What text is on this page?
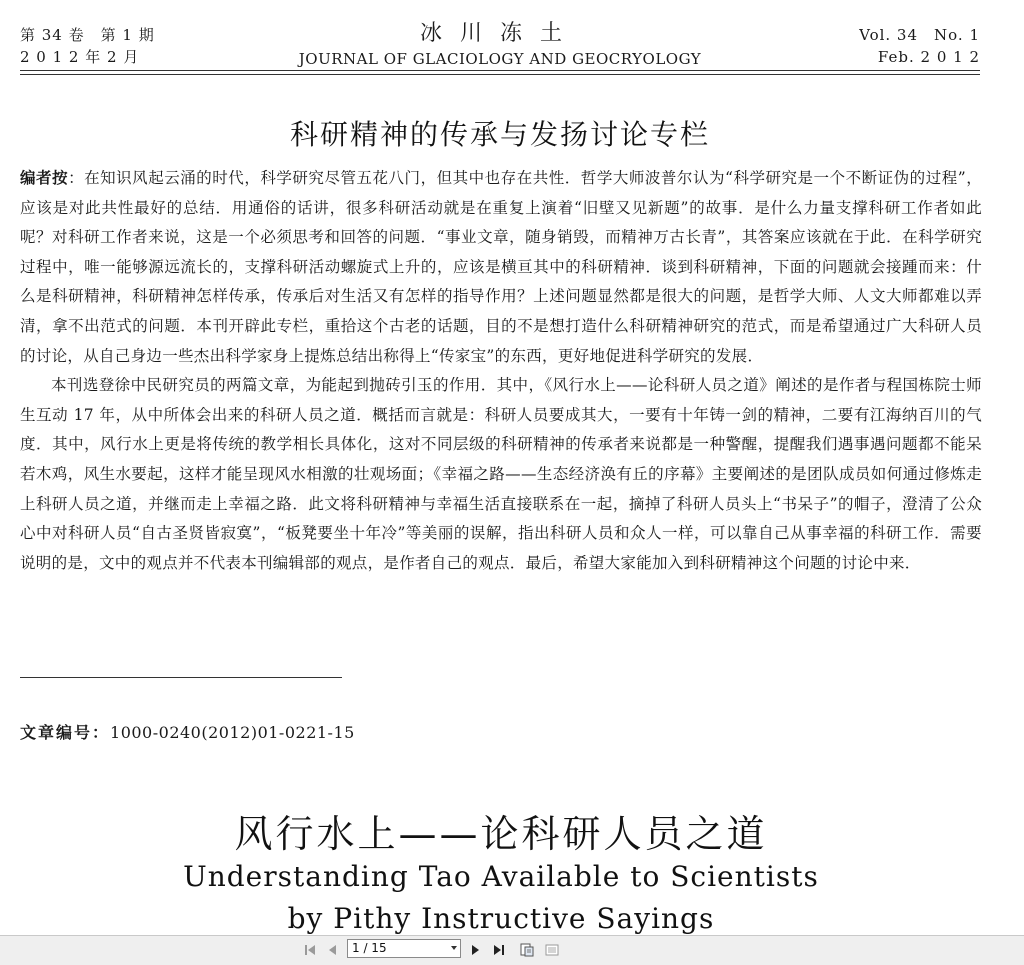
第 34 卷　第 1 期
2 0 1 2 年 2 月
冰川冻土
JOURNAL OF GLACIOLOGY AND GEOCRYOLOGY
Vol. 34　No. 1
Feb. 2 0 1 2
科研精神的传承与发扬讨论专栏

编者按：在知识风起云涌的时代，科学研究尽管五花八门，但其中也存在共性．哲学大师波普尔认为“科学研究是一个不断证伪的过程”，应该是对此共性最好的总结．用通俗的话讲，很多科研活动就是在重复上演着“旧壁又见新题”的故事．是什么力量支撑科研工作者如此呢？对科研工作者来说，这是一个必须思考和回答的问题．“事业文章，随身销毁，而精神万古长青”，其答案应该就在于此．在科学研究过程中，唯一能够源远流长的，支撑科研活动螺旋式上升的，应该是横亘其中的科研精神．谈到科研精神，下面的问题就会接踵而来：什么是科研精神，科研精神怎样传承，传承后对生活又有怎样的指导作用？上述问题显然都是很大的问题，是哲学大师、人文大师都难以弄清，拿不出范式的问题．本刊开辟此专栏，重拾这个古老的话题，目的不是想打造什么科研精神研究的范式，而是希望通过广大科研人员的讨论，从自己身边一些杰出科学家身上提炼总结出称得上“传家宝”的东西，更好地促进科学研究的发展．

本刊选登徐中民研究员的两篇文章，为能起到抛砖引玉的作用．其中，《风行水上——论科研人员之道》阐述的是作者与程国栋院士师生互动 17 年，从中所体会出来的科研人员之道．概括而言就是：科研人员要成其大，一要有十年铸一剑的精神，二要有江海纳百川的气度．其中，风行水上更是将传统的教学相长具体化，这对不同层级的科研精神的传承者来说都是一种警醒，提醒我们遇事遇问题都不能呆若木鸡，风生水要起，这样才能呈现风水相激的壮观场面；《幸福之路——生态经济涣有丘的序幕》主要阐述的是团队成员如何通过修炼走上科研人员之道，并继而走上幸福之路．此文将科研精神与幸福生活直接联系在一起，摘掉了科研人员头上“书呆子”的帽子，澄清了公众心中对科研人员“自古圣贤皆寂寞”，“板凳要坐十年冷”等美丽的误解，指出科研人员和众人一样，可以靠自己从事幸福的科研工作．需要说明的是，文中的观点并不代表本刊编辑部的观点，是作者自己的观点．最后，希望大家能加入到科研精神这个问题的讨论中来．

文章编号：1000-0240(2012)01-0221-15
风行水上——论科研人员之道
Understanding Tao Available to Scientists
by Pithy Instructive Sayings
1 / 15
